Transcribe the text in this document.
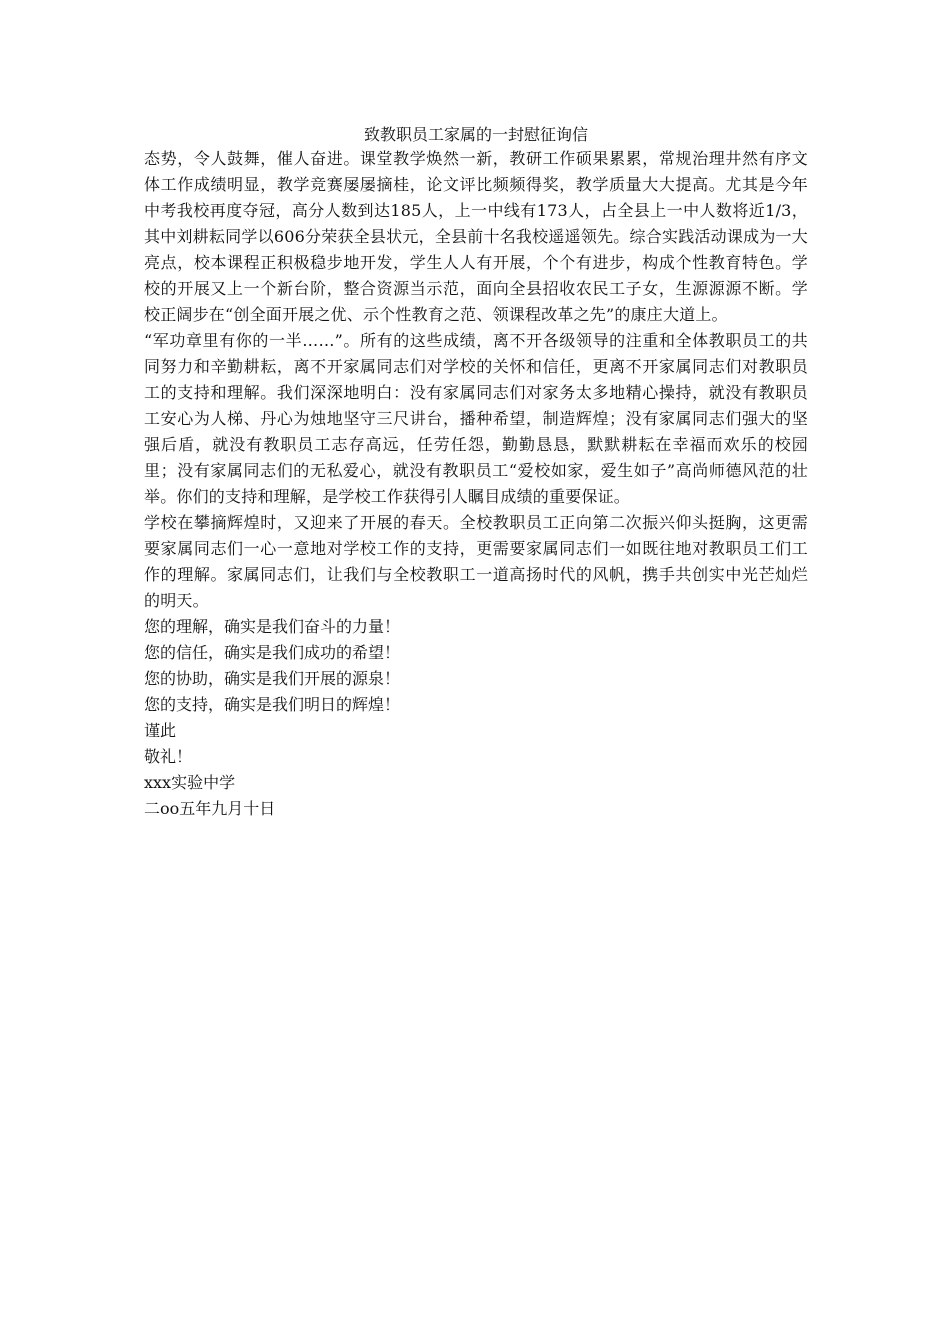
致教职员工家属的一封慰征询信

态势，令人鼓舞，催人奋进。课堂教学焕然一新，教研工作硕果累累，常规治理井然有序文体工作成绩明显，教学竞赛屡屡摘桂，论文评比频频得奖，教学质量大大提高。尤其是今年中考我校再度夺冠，高分人数到达185人，上一中线有173人，占全县上一中人数将近1/3，其中刘耕耘同学以606分荣获全县状元，全县前十名我校遥遥领先。综合实践活动课成为一大亮点，校本课程正积极稳步地开发，学生人人有开展，个个有进步，构成个性教育特色。学校的开展又上一个新台阶，整合资源当示范，面向全县招收农民工子女，生源源源不断。学校正阔步在“创全面开展之优、示个性教育之范、领课程改革之先”的康庄大道上。

“军功章里有你的一半……”。所有的这些成绩，离不开各级领导的注重和全体教职员工的共同努力和辛勤耕耘，离不开家属同志们对学校的关怀和信任，更离不开家属同志们对教职员工的支持和理解。我们深深地明白：没有家属同志们对家务太多地精心操持，就没有教职员工安心为人梯、丹心为烛地坚守三尺讲台，播种希望，制造辉煌；没有家属同志们强大的坚强后盾，就没有教职员工志存高远，任劳任怨，勤勤恳恳，默默耕耘在幸福而欢乐的校园里；没有家属同志们的无私爱心，就没有教职员工“爱校如家，爱生如子”高尚师德风范的壮举。你们的支持和理解，是学校工作获得引人瞩目成绩的重要保证。

学校在攀摘辉煌时，又迎来了开展的春天。全校教职员工正向第二次振兴仰头挺胸，这更需要家属同志们一心一意地对学校工作的支持，更需要家属同志们一如既往地对教职员工们工作的理解。家属同志们，让我们与全校教职工一道高扬时代的风帆，携手共创实中光芒灿烂的明天。

您的理解，确实是我们奋斗的力量！

您的信任，确实是我们成功的希望！

您的协助，确实是我们开展的源泉！

您的支持，确实是我们明日的辉煌！

谨此

敬礼！

xxx实验中学

二oo五年九月十日
